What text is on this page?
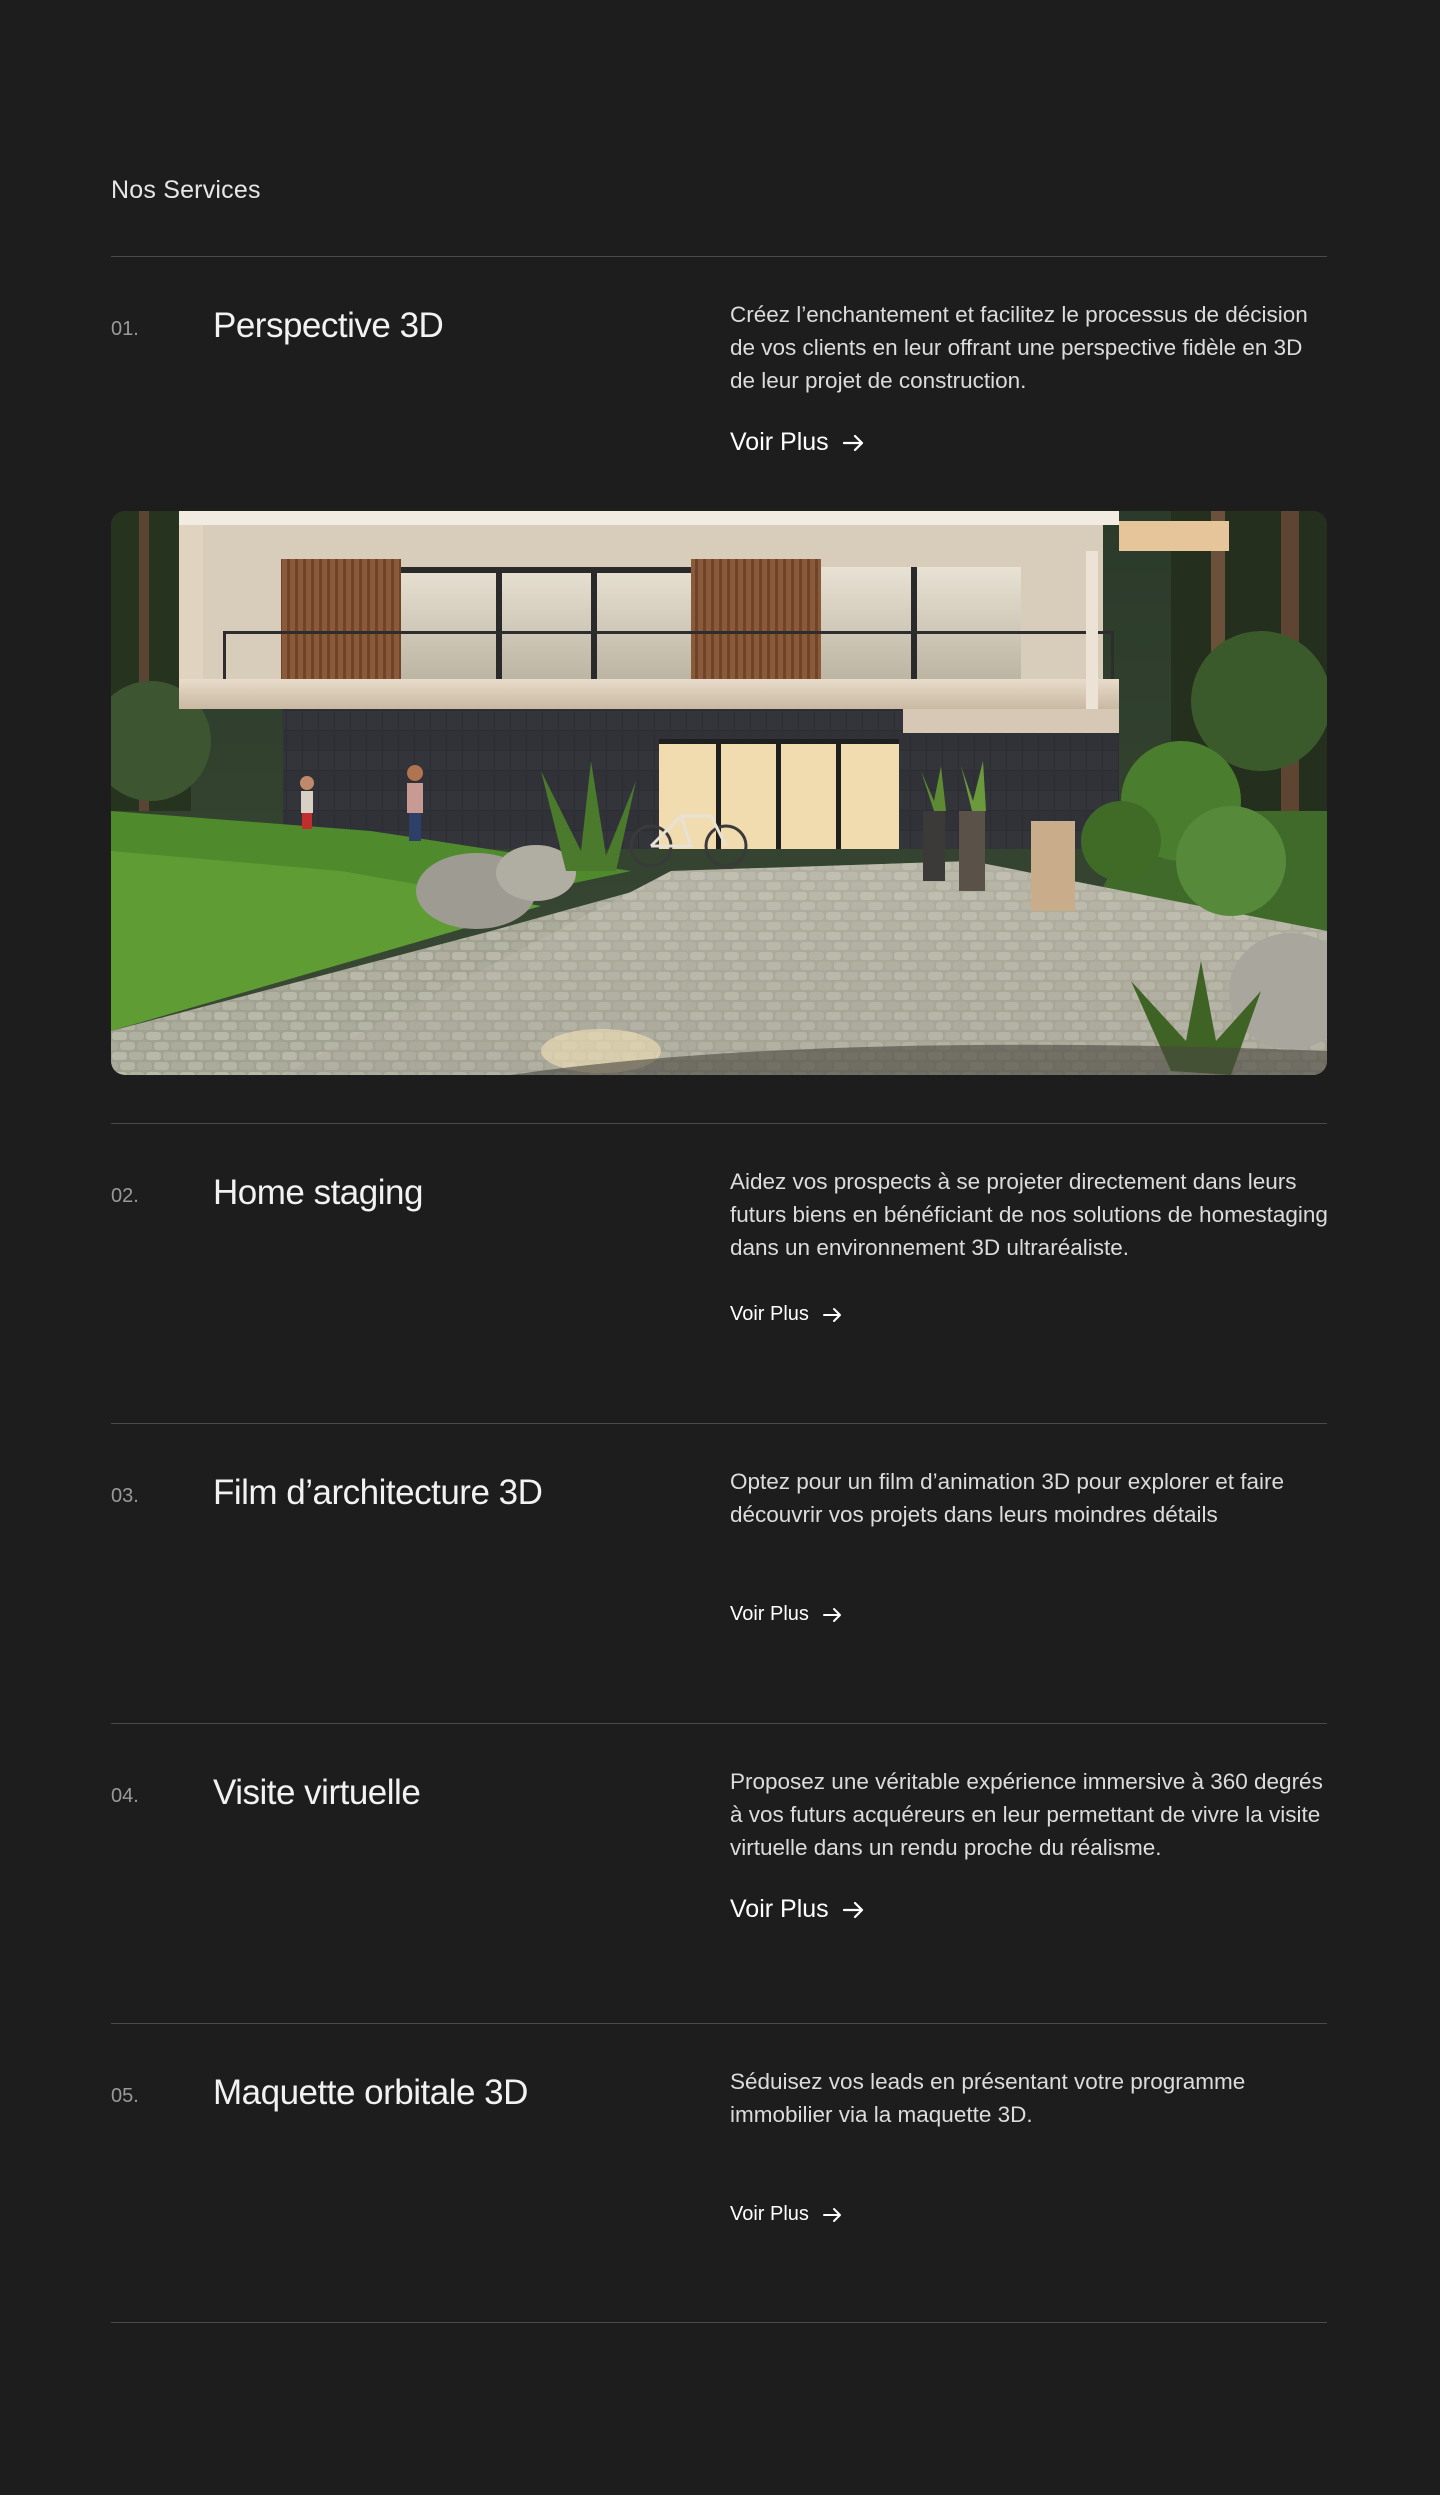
Nos Services
01. Perspective 3D	Créez l’enchantement et facilitez le processus de décision de vos clients en leur offrant une perspective fidèle en 3D de leur projet de construction.
Voir Plus
02. Home staging	Aidez vos prospects à se projeter directement dans leurs futurs biens en bénéficiant de nos solutions de homestaging dans un environnement 3D ultraréaliste.
Voir Plus
03. Film d’architecture 3D	Optez pour un film d’animation 3D pour explorer et faire découvrir vos projets dans leurs moindres détails
Voir Plus
04. Visite virtuelle	Proposez une véritable expérience immersive à 360 degrés à vos futurs acquéreurs en leur permettant de vivre la visite virtuelle dans un rendu proche du réalisme.
Voir Plus
05. Maquette orbitale 3D	Séduisez vos leads en présentant votre programme immobilier via la maquette 3D.
Voir Plus
